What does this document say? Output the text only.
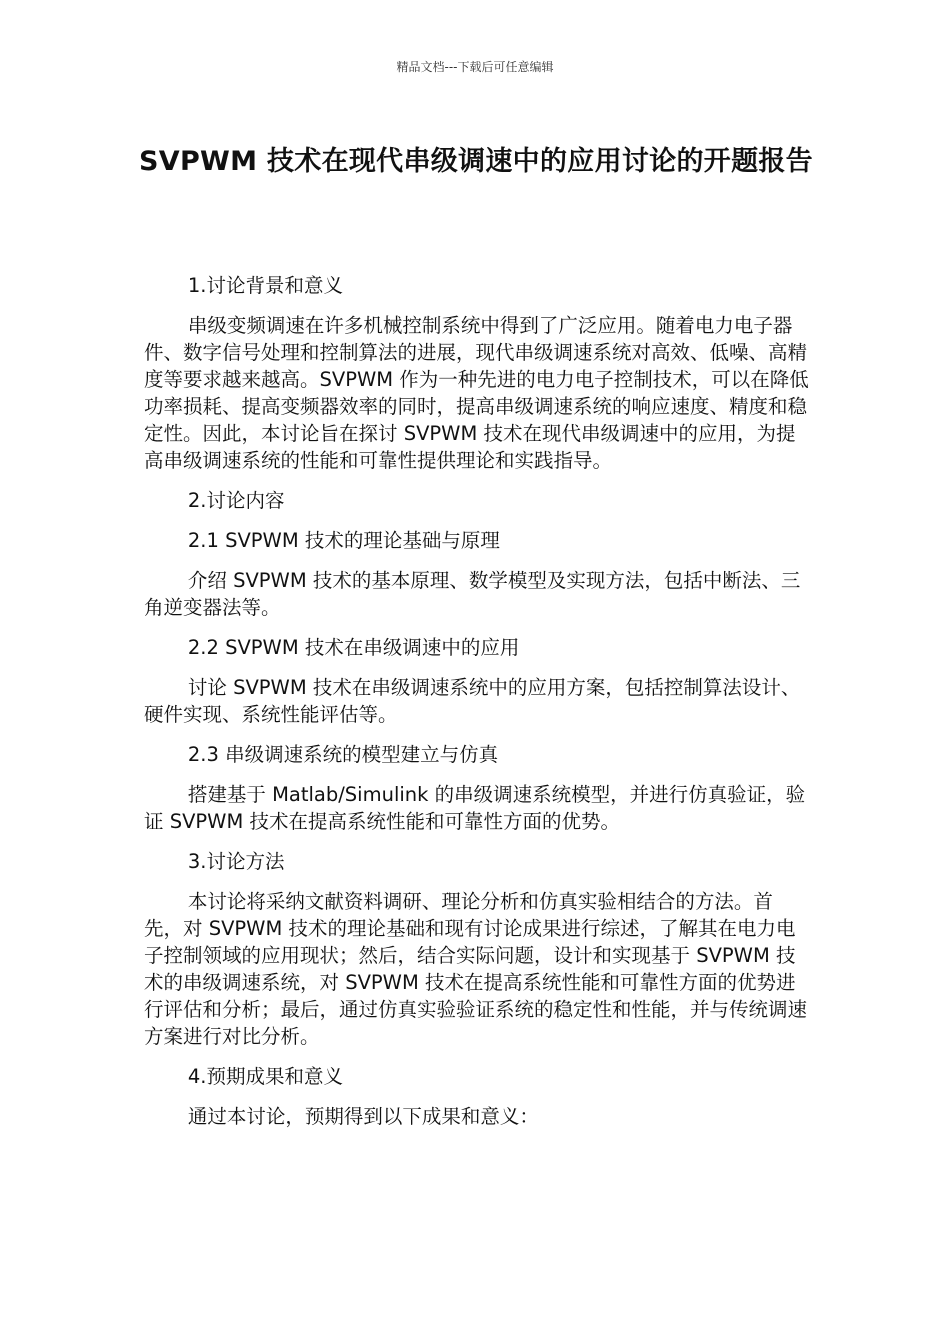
精品文档---下载后可任意编辑
SVPWM 技术在现代串级调速中的应用讨论的开题报告

1.讨论背景和意义

串级变频调速在许多机械控制系统中得到了广泛应用。随着电力电子器件、数字信号处理和控制算法的进展，现代串级调速系统对高效、低噪、高精度等要求越来越高。SVPWM 作为一种先进的电力电子控制技术，可以在降低功率损耗、提高变频器效率的同时，提高串级调速系统的响应速度、精度和稳定性。因此，本讨论旨在探讨 SVPWM 技术在现代串级调速中的应用，为提高串级调速系统的性能和可靠性提供理论和实践指导。

2.讨论内容

2.1 SVPWM 技术的理论基础与原理

介绍 SVPWM 技术的基本原理、数学模型及实现方法，包括中断法、三角逆变器法等。

2.2 SVPWM 技术在串级调速中的应用

讨论 SVPWM 技术在串级调速系统中的应用方案，包括控制算法设计、硬件实现、系统性能评估等。

2.3 串级调速系统的模型建立与仿真

搭建基于 Matlab/Simulink 的串级调速系统模型，并进行仿真验证，验证 SVPWM 技术在提高系统性能和可靠性方面的优势。

3.讨论方法

本讨论将采纳文献资料调研、理论分析和仿真实验相结合的方法。首先，对 SVPWM 技术的理论基础和现有讨论成果进行综述，了解其在电力电子控制领域的应用现状；然后，结合实际问题，设计和实现基于 SVPWM 技术的串级调速系统，对 SVPWM 技术在提高系统性能和可靠性方面的优势进行评估和分析；最后，通过仿真实验验证系统的稳定性和性能，并与传统调速方案进行对比分析。

4.预期成果和意义

通过本讨论，预期得到以下成果和意义：
